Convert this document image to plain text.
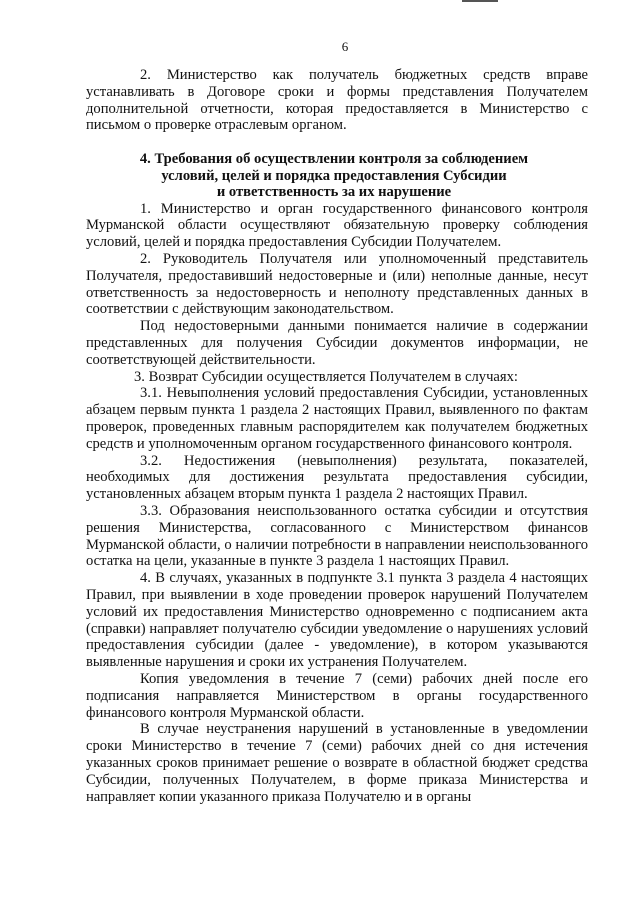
6

2. Министерство как получатель бюджетных средств вправе устанавливать в Договоре сроки и формы представления Получателем дополнительной отчетности, которая предоставляется в Министерство с письмом о проверке отраслевым органом.

4. Требования об осуществлении контроля за соблюдением
условий, целей и порядка предоставления Субсидии
и ответственность за их нарушение

1. Министерство и орган государственного финансового контроля Мурманской области осуществляют обязательную проверку соблюдения условий, целей и порядка предоставления Субсидии Получателем.

2. Руководитель Получателя или уполномоченный представитель Получателя, предоставивший недостоверные и (или) неполные данные, несут ответственность за недостоверность и неполноту представленных данных в соответствии с действующим законодательством.

Под недостоверными данными понимается наличие в содержании представленных для получения Субсидии документов информации, не соответствующей действительности.

3. Возврат Субсидии осуществляется Получателем в случаях:

3.1. Невыполнения условий предоставления Субсидии, установленных абзацем первым пункта 1 раздела 2 настоящих Правил, выявленного по фактам проверок, проведенных главным распорядителем как получателем бюджетных средств и уполномоченным органом государственного финансового контроля.

3.2. Недостижения (невыполнения) результата, показателей, необходимых для достижения результата предоставления субсидии, установленных абзацем вторым пункта 1 раздела 2 настоящих Правил.

3.3. Образования неиспользованного остатка субсидии и отсутствия решения Министерства, согласованного с Министерством финансов Мурманской области, о наличии потребности в направлении неиспользованного остатка на цели, указанные в пункте 3 раздела 1 настоящих Правил.

4. В случаях, указанных в подпункте 3.1 пункта 3 раздела 4 настоящих Правил, при выявлении в ходе проведении проверок нарушений Получателем условий их предоставления Министерство одновременно с подписанием акта (справки) направляет получателю субсидии уведомление о нарушениях условий предоставления субсидии (далее - уведомление), в котором указываются выявленные нарушения и сроки их устранения Получателем.

Копия уведомления в течение 7 (семи) рабочих дней после его подписания направляется Министерством в органы государственного финансового контроля Мурманской области.

В случае неустранения нарушений в установленные в уведомлении сроки Министерство в течение 7 (семи) рабочих дней со дня истечения указанных сроков принимает решение о возврате в областной бюджет средства Субсидии, полученных Получателем, в форме приказа Министерства и направляет копии указанного приказа Получателю и в органы
